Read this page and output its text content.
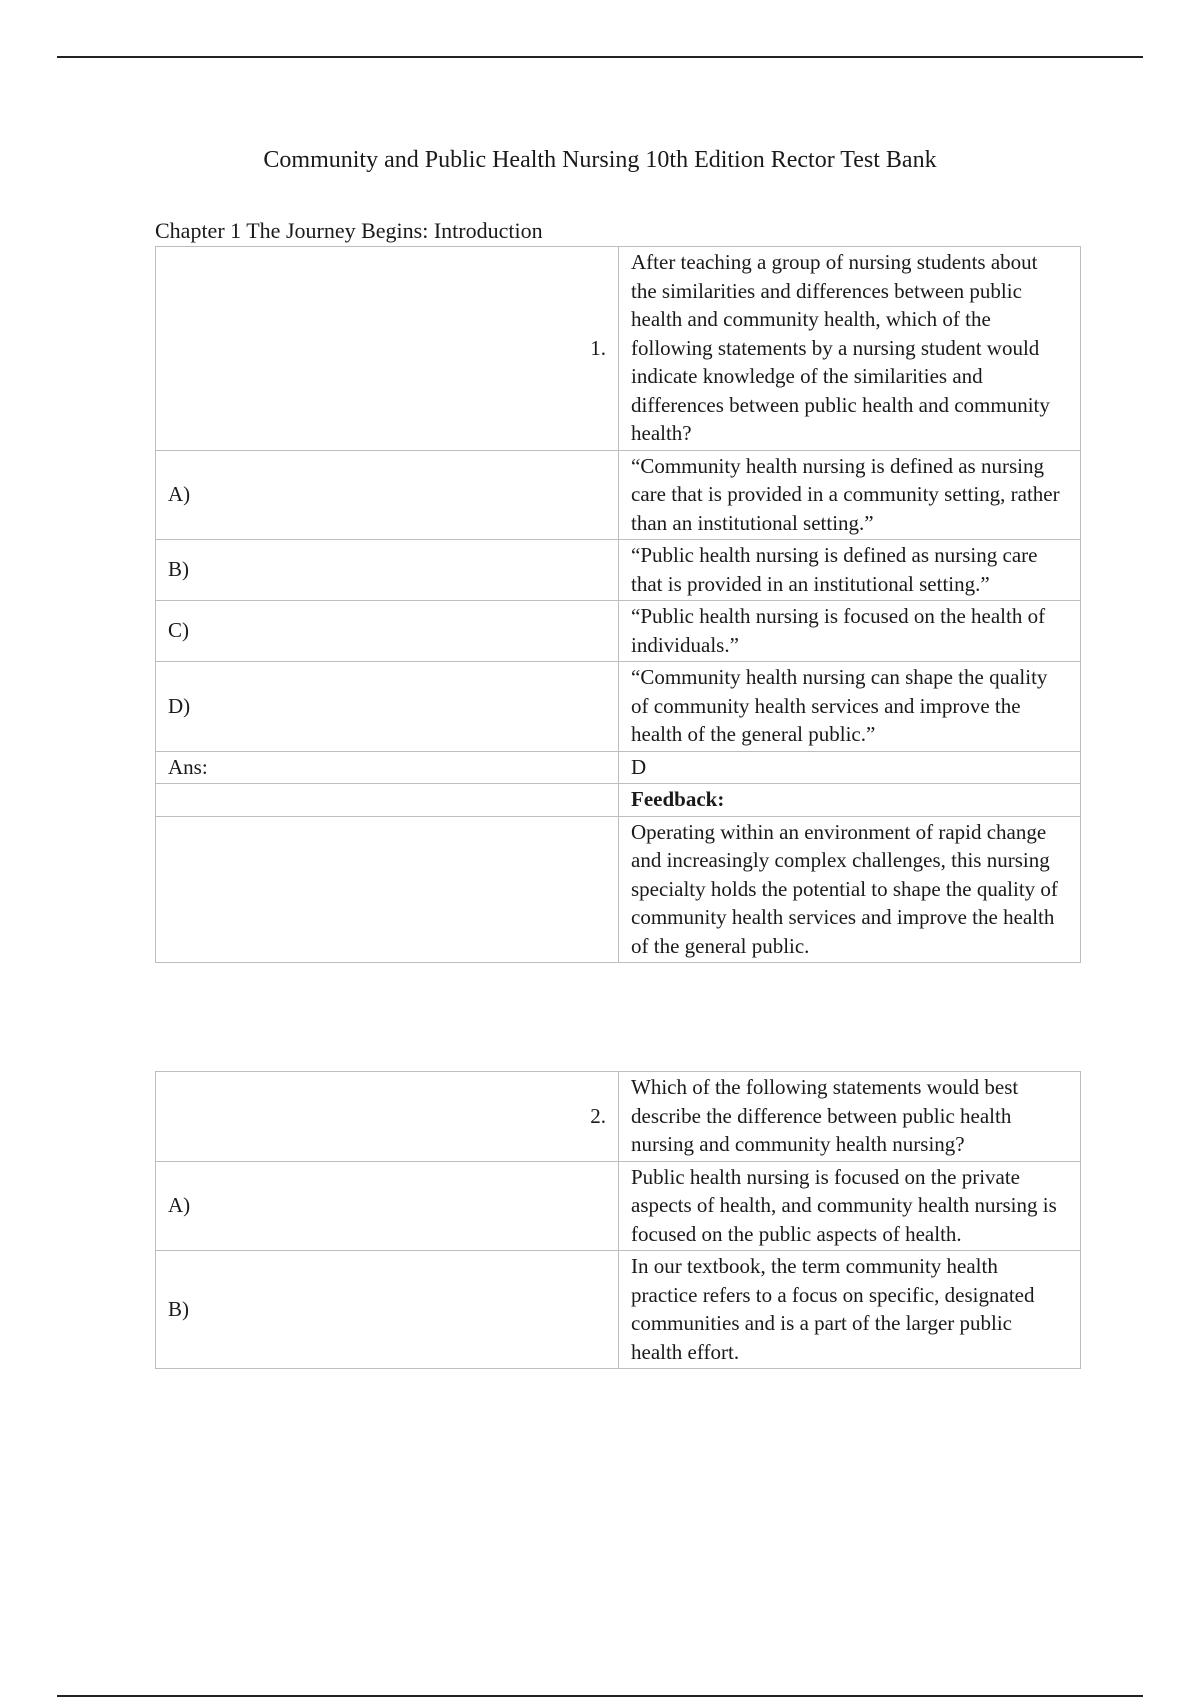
Community and Public Health Nursing 10th Edition Rector Test Bank
Chapter 1 The Journey Begins: Introduction
1.	After teaching a group of nursing students about the similarities and differences between public health and community health, which of the following statements by a nursing student would indicate knowledge of the similarities and differences between public health and community health?
A)	“Community health nursing is defined as nursing care that is provided in a community setting, rather than an institutional setting.”
B)	“Public health nursing is defined as nursing care that is provided in an institutional setting.”
C)	“Public health nursing is focused on the health of individuals.”
D)	“Community health nursing can shape the quality of community health services and improve the health of the general public.”
Ans:	D
	Feedback:
	Operating within an environment of rapid change and increasingly complex challenges, this nursing specialty holds the potential to shape the quality of community health services and improve the health of the general public.
2.	Which of the following statements would best describe the difference between public health nursing and community health nursing?
A)	Public health nursing is focused on the private aspects of health, and community health nursing is focused on the public aspects of health.
B)	In our textbook, the term community health practice refers to a focus on specific, designated communities and is a part of the larger public health effort.
